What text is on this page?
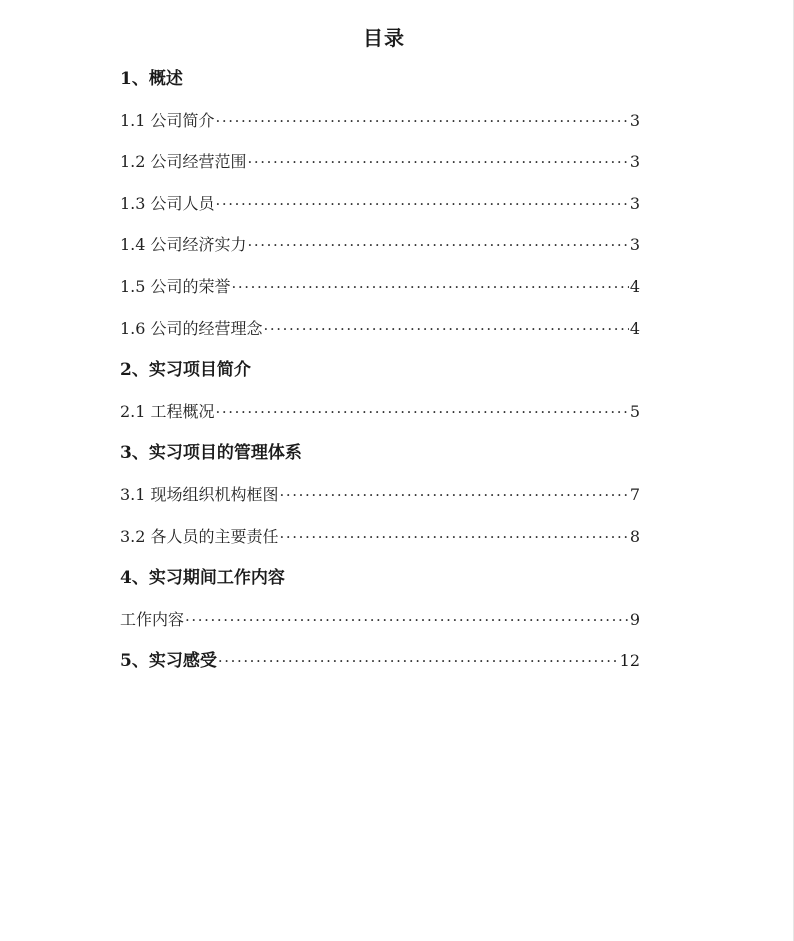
目录
1、概述
1.1 公司简介 ·····	3
1.2 公司经营范围 ·····	3
1.3 公司人员 ·····	3
1.4 公司经济实力 ·····	3
1.5 公司的荣誉 ·····	4
1.6 公司的经营理念 ·····	4
2、实习项目简介
2.1 工程概况 ·····	5
3、实习项目的管理体系
3.1 现场组织机构框图 ·····	7
3.2 各人员的主要责任 ·····	8
4、实习期间工作内容
工作内容 ·····	9
5、实习感受 ·····	12
